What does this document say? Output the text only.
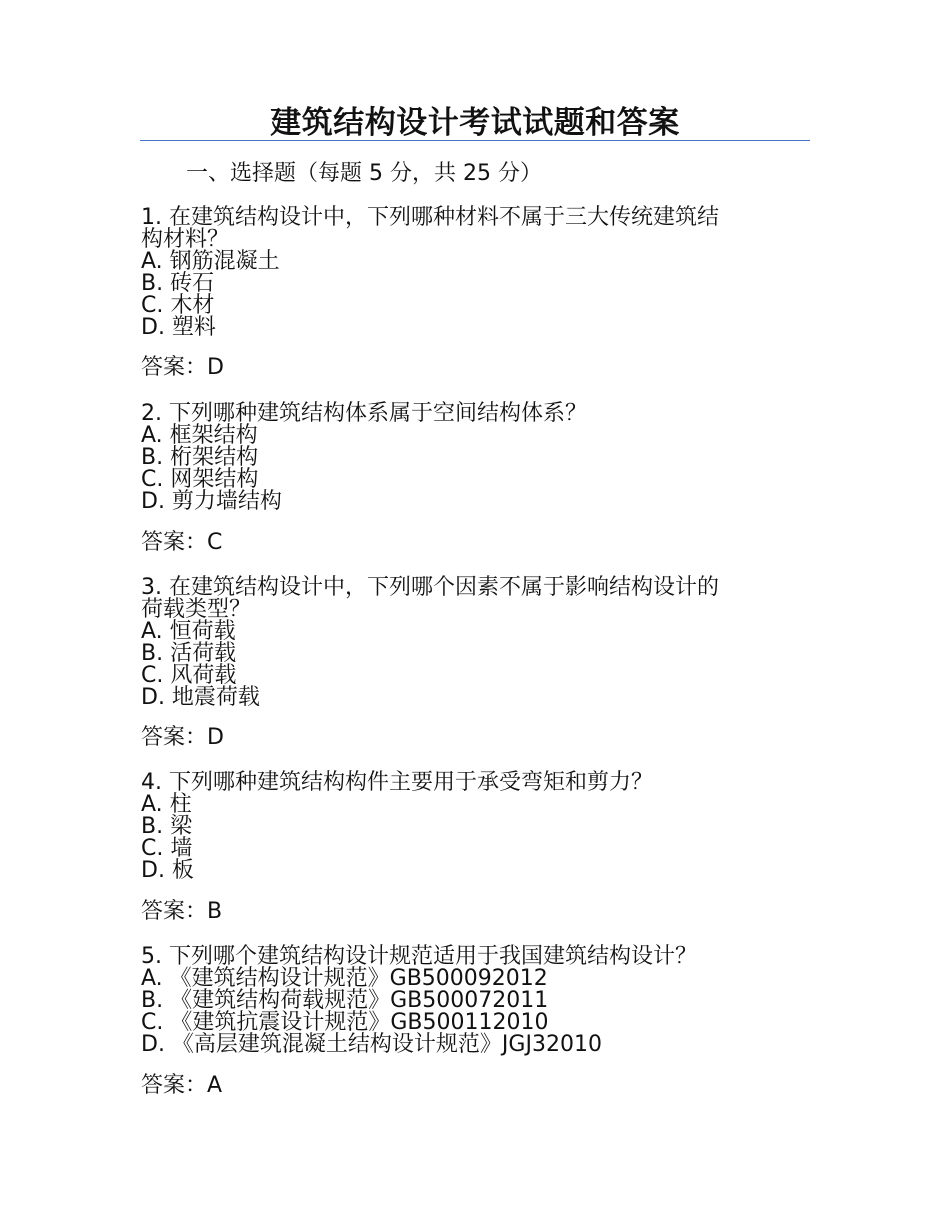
建筑结构设计考试试题和答案
一、选择题（每题 5 分，共 25 分）
1. 在建筑结构设计中，下列哪种材料不属于三大传统建筑结
构材料？
A. 钢筋混凝土
B. 砖石
C. 木材
D. 塑料
答案：D
2. 下列哪种建筑结构体系属于空间结构体系？
A. 框架结构
B. 桁架结构
C. 网架结构
D. 剪力墙结构
答案：C
3. 在建筑结构设计中，下列哪个因素不属于影响结构设计的
荷载类型？
A. 恒荷载
B. 活荷载
C. 风荷载
D. 地震荷载
答案：D
4. 下列哪种建筑结构构件主要用于承受弯矩和剪力？
A. 柱
B. 梁
C. 墙
D. 板
答案：B
5. 下列哪个建筑结构设计规范适用于我国建筑结构设计？
A. 《建筑结构设计规范》GB500092012
B. 《建筑结构荷载规范》GB500072011
C. 《建筑抗震设计规范》GB500112010
D. 《高层建筑混凝土结构设计规范》JGJ32010
答案：A
